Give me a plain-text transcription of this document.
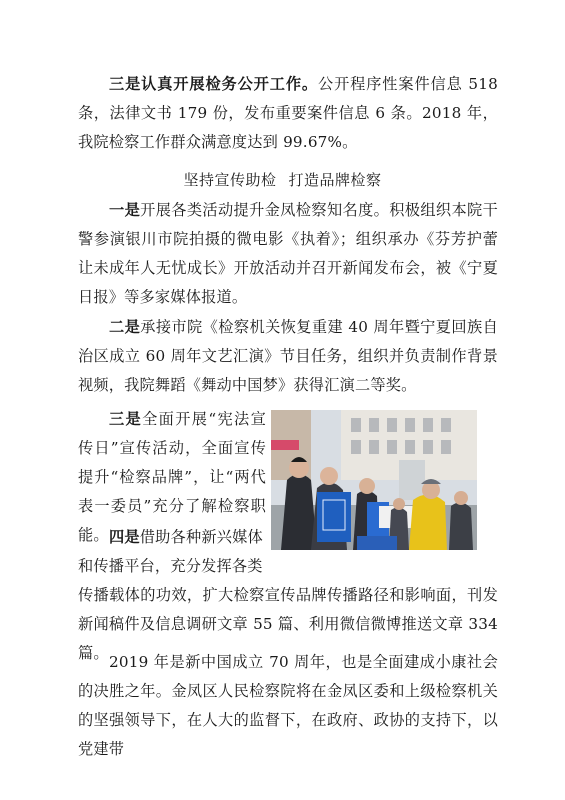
三是认真开展检务公开工作。公开程序性案件信息 518 条，法律文书 179 份，发布重要案件信息 6 条。2018 年，我院检察工作群众满意度达到 99.67%。

坚持宣传助检 打造品牌检察

一是开展各类活动提升金凤检察知名度。积极组织本院干警参演银川市院拍摄的微电影《执着》；组织承办《芬芳护蕾 让未成年人无忧成长》开放活动并召开新闻发布会，被《宁夏日报》等多家媒体报道。

二是承接市院《检察机关恢复重建 40 周年暨宁夏回族自治区成立 60 周年文艺汇演》节目任务，组织并负责制作背景视频，我院舞蹈《舞动中国梦》获得汇演二等奖。

三是全面开展“宪法宣传日”宣传活动，全面宣传提升“检察品牌”，让“两代表一委员”充分了解检察职能。 四是借助各种新兴媒体
和传播平台，充分发挥各类

传播载体的功效，扩大检察宣传品牌传播路径和影响面，刊发新闻稿件及信息调研文章 55 篇、利用微信微博推送文章 334 篇。 2019 年是新中国成立 70 周年，也是全面建成小康社会的决胜之年。金凤区人民检察院将在金凤区委和上级检察机关的坚强领导下，在人大的监督下，在政府、政协的支持下，以党建带
